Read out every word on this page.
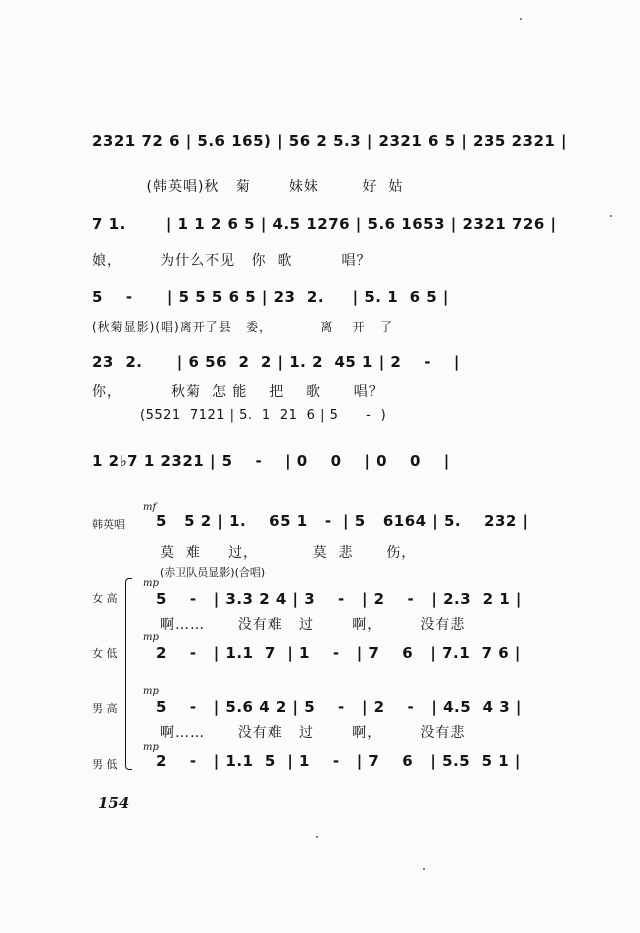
2321 72 6 | 5.6 165) | 56 2 5.3 | 2321 6 5 | 235 2321 |
(韩英唱)秋   菊       妹妹        好  姑
7 1.       | 1 1 2 6 5 | 4.5 1276 | 5.6 1653 | 2321 726 |
娘，       为什么不见   你  歌         唱？
5    -      | 5 5 5 6 5 | 23  2.     | 5. 1  6 5 |
(秋菊显影)(唱)离开了县   委，          离    开   了
23  2.      | 6 56  2  2 | 1. 2  45 1 | 2    -    |
你，         秋菊  怎 能    把    歌      唱？
(5521  7121 | 5.  1  21  6 | 5      -  )
1 2♭7 1 2321 | 5    -    | 0    0    | 0    0    |
韩英唱
mf
5   5 2 | 1.    65 1   -  | 5   6164 | 5.    232 |
莫  难     过，          莫  悲      伤，
(赤卫队员显影)(合唱)
女 高
mp
5    -   | 3.3 2 4 | 3    -   | 2    -   | 2.3  2 1 |
啊……      没有难   过       啊，       没有悲
女 低
mp
2    -   | 1.1  7  | 1    -   | 7    6   | 7.1  7 6 |
男 高
mp
5    -   | 5.6 4 2 | 5    -   | 2    -   | 4.5  4 3 |
啊……      没有难   过       啊，       没有悲
男 低
mp
2    -   | 1.1  5  | 1    -   | 7    6   | 5.5  5 1 |
154
